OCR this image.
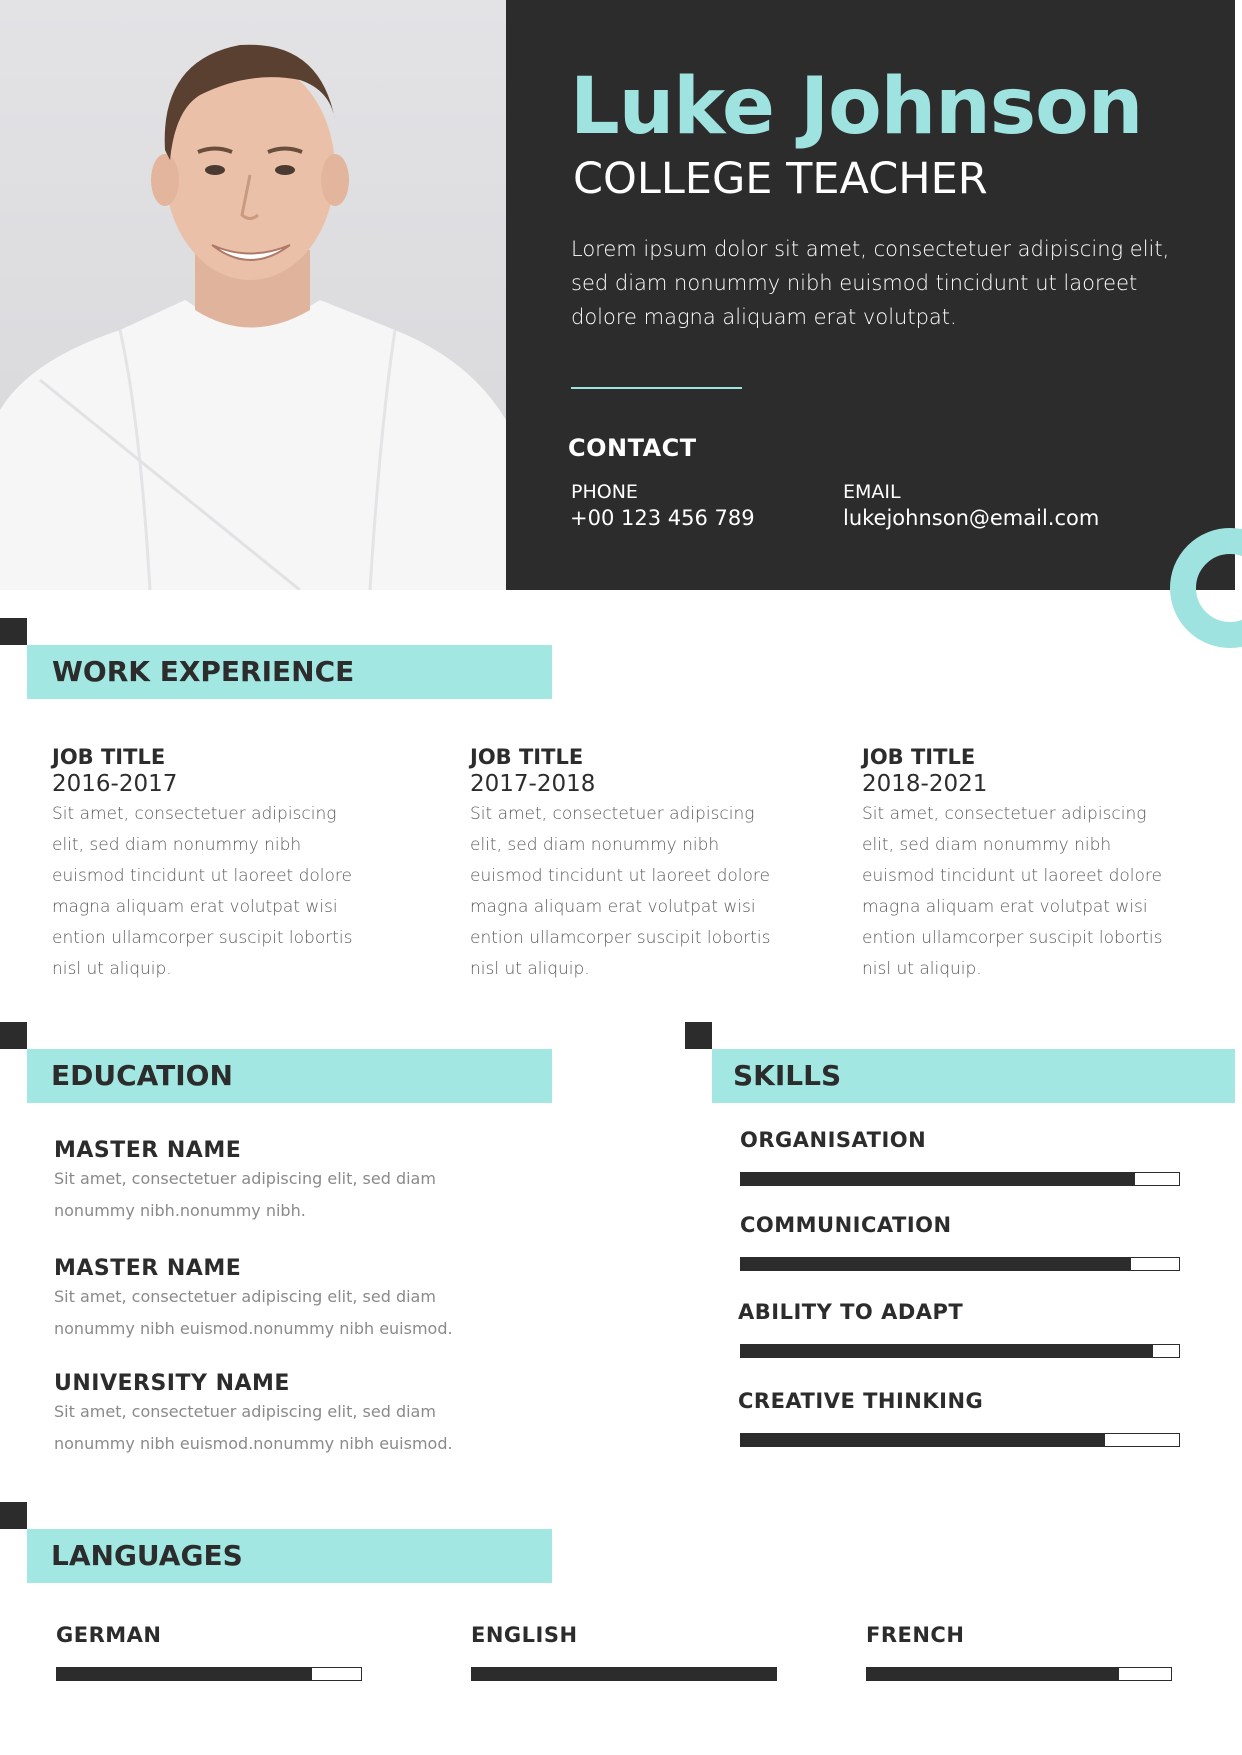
Luke Johnson
COLLEGE TEACHER
Lorem ipsum dolor sit amet, consectetuer adipiscing elit, sed diam nonummy nibh euismod tincidunt ut laoreet dolore magna aliquam erat volutpat.
CONTACT
PHONE
+00 123 456 789
EMAIL
lukejohnson@email.com
WORK EXPERIENCE
JOB TITLE
2016-2017
Sit amet, consectetuer adipiscing elit, sed diam nonummy nibh euismod tincidunt ut laoreet dolore magna aliquam erat volutpat wisi ention ullamcorper suscipit lobortis nisl ut aliquip.
JOB TITLE
2017-2018
Sit amet, consectetuer adipiscing elit, sed diam nonummy nibh euismod tincidunt ut laoreet dolore magna aliquam erat volutpat wisi ention ullamcorper suscipit lobortis nisl ut aliquip.
JOB TITLE
2018-2021
Sit amet, consectetuer adipiscing elit, sed diam nonummy nibh euismod tincidunt ut laoreet dolore magna aliquam erat volutpat wisi ention ullamcorper suscipit lobortis nisl ut aliquip.
EDUCATION
MASTER NAME
Sit amet, consectetuer adipiscing elit, sed diam nonummy nibh.nonummy nibh.
MASTER NAME
Sit amet, consectetuer adipiscing elit, sed diam nonummy nibh euismod.nonummy nibh euismod.
UNIVERSITY NAME
Sit amet, consectetuer adipiscing elit, sed diam nonummy nibh euismod.nonummy nibh euismod.
SKILLS
ORGANISATION
COMMUNICATION
ABILITY TO ADAPT
CREATIVE THINKING
LANGUAGES
GERMAN	ENGLISH	FRENCH
